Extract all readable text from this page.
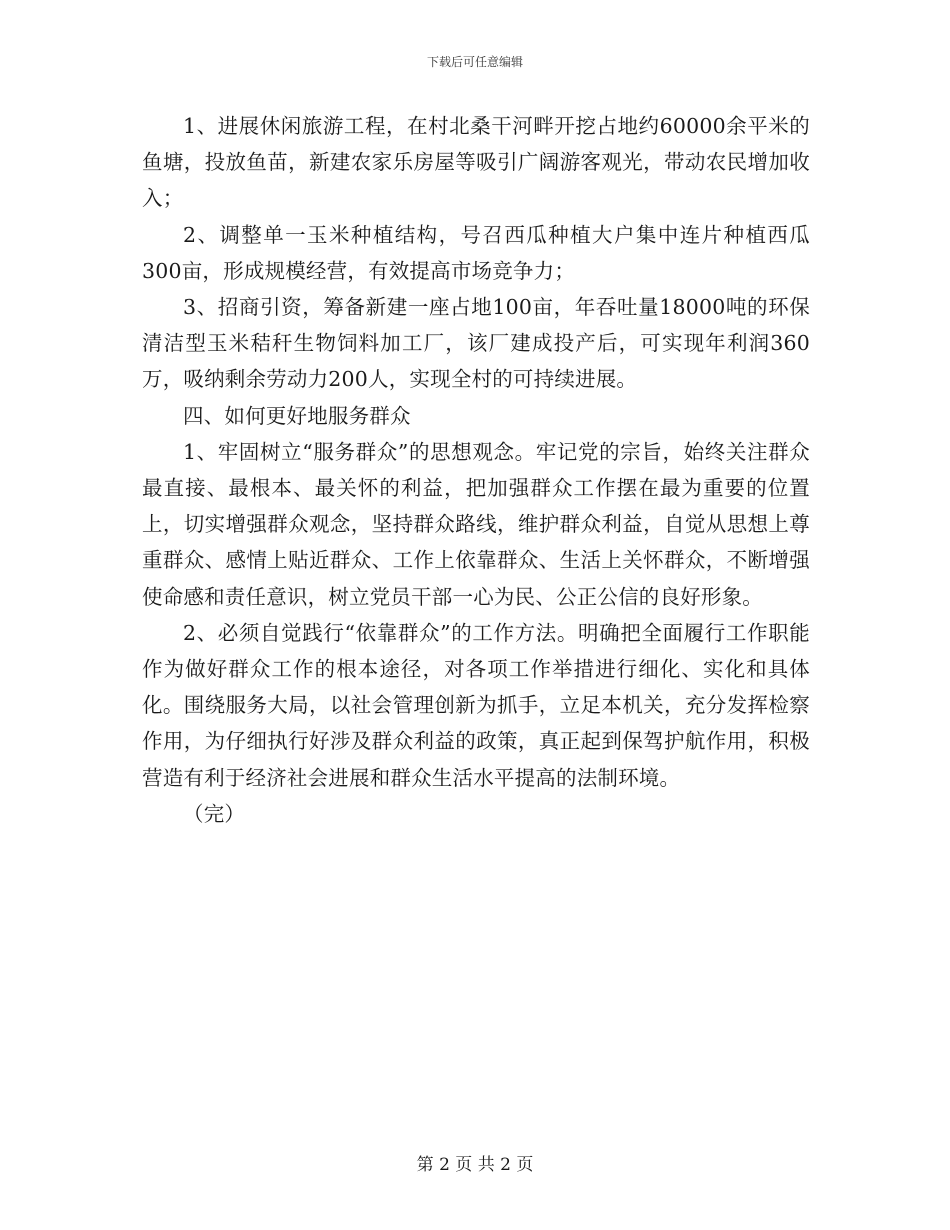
下载后可任意编辑

1、进展休闲旅游工程，在村北桑干河畔开挖占地约60000余平米的鱼塘，投放鱼苗，新建农家乐房屋等吸引广阔游客观光，带动农民增加收入；

2、调整单一玉米种植结构，号召西瓜种植大户集中连片种植西瓜300亩，形成规模经营，有效提高市场竞争力；

3、招商引资，筹备新建一座占地100亩，年吞吐量18000吨的环保清洁型玉米秸秆生物饲料加工厂，该厂建成投产后，可实现年利润360万，吸纳剩余劳动力200人，实现全村的可持续进展。

四、如何更好地服务群众

1、牢固树立“服务群众”的思想观念。牢记党的宗旨，始终关注群众最直接、最根本、最关怀的利益，把加强群众工作摆在最为重要的位置上，切实增强群众观念，坚持群众路线，维护群众利益，自觉从思想上尊重群众、感情上贴近群众、工作上依靠群众、生活上关怀群众，不断增强使命感和责任意识，树立党员干部一心为民、公正公信的良好形象。

2、必须自觉践行“依靠群众”的工作方法。明确把全面履行工作职能作为做好群众工作的根本途径，对各项工作举措进行细化、实化和具体化。围绕服务大局，以社会管理创新为抓手，立足本机关，充分发挥检察作用，为仔细执行好涉及群众利益的政策，真正起到保驾护航作用，积极营造有利于经济社会进展和群众生活水平提高的法制环境。

（完）

第 2 页 共 2 页
